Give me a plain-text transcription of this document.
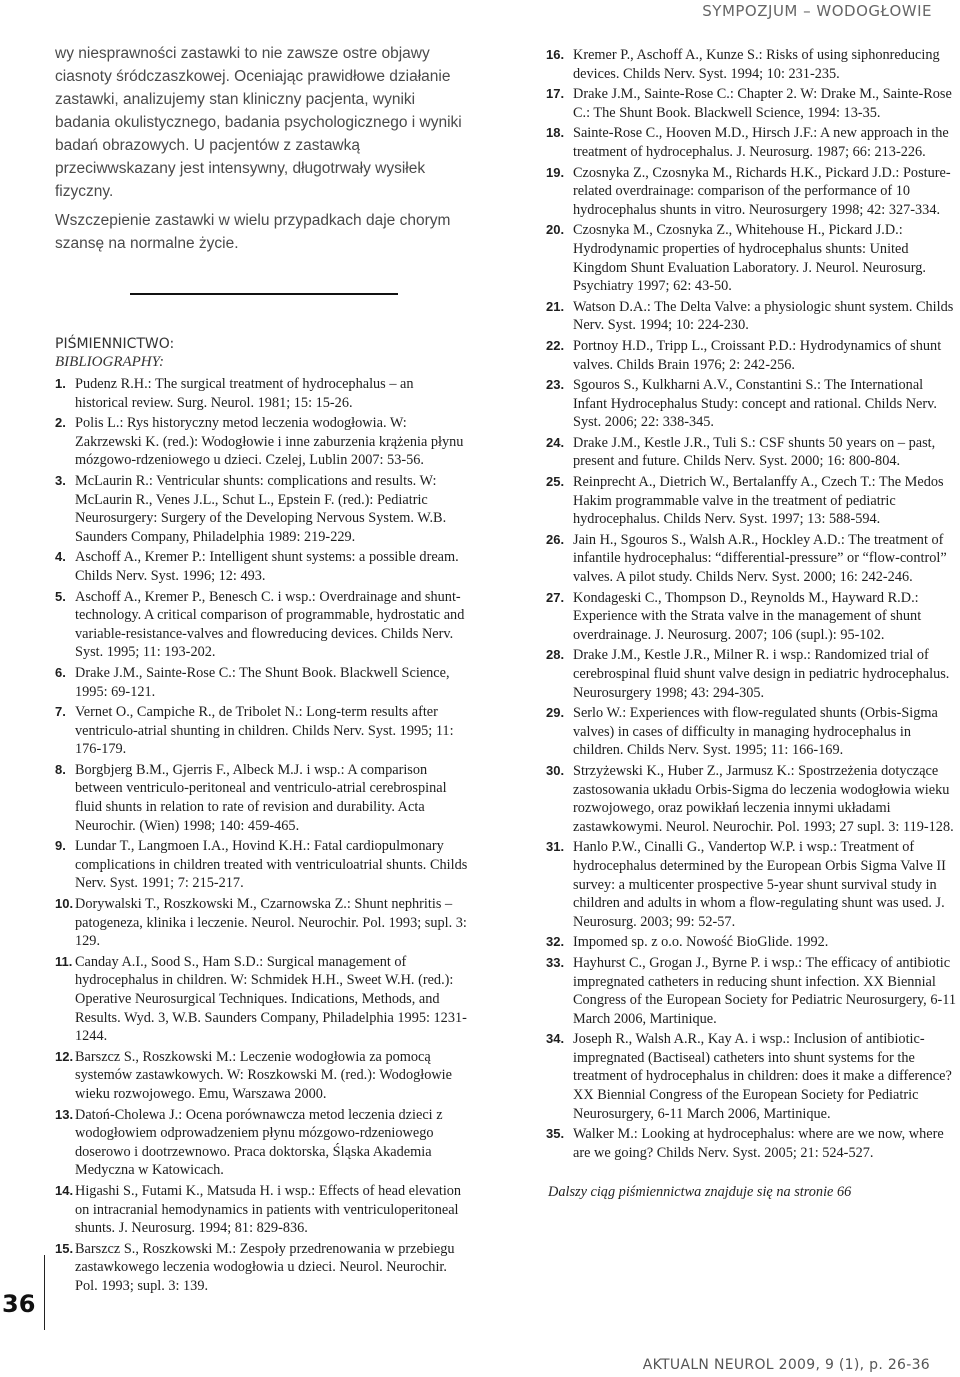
SYMPOZJUM – WODOGŁOWIE

wy niesprawności zastawki to nie zawsze ostre objawy ciasnoty śródczaszkowej. Oceniając prawidłowe działanie zastawki, analizujemy stan kliniczny pacjenta, wyniki badania okulistycznego, badania psychologicznego i wyniki badań obrazowych. U pacjentów z zastawką przeciwwskazany jest intensywny, długotrwały wysiłek fizyczny.

Wszczepienie zastawki w wielu przypadkach daje chorym szansę na normalne życie.

PIŚMIENNICTWO:
BIBLIOGRAPHY:
1. Pudenz R.H.: The surgical treatment of hydrocephalus – an historical review. Surg. Neurol. 1981; 15: 15-26.
2. Polis L.: Rys historyczny metod leczenia wodogłowia. W: Zakrzewski K. (red.): Wodogłowie i inne zaburzenia krążenia płynu mózgowo-rdzeniowego u dzieci. Czelej, Lublin 2007: 53-56.
3. McLaurin R.: Ventricular shunts: complications and results. W: McLaurin R., Venes J.L., Schut L., Epstein F. (red.): Pediatric Neurosurgery: Surgery of the Developing Nervous System. W.B. Saunders Company, Philadelphia 1989: 219-229.
4. Aschoff A., Kremer P.: Intelligent shunt systems: a possible dream. Childs Nerv. Syst. 1996; 12: 493.
5. Aschoff A., Kremer P., Benesch C. i wsp.: Overdrainage and shunt-technology. A critical comparison of programmable, hydrostatic and variable-resistance-valves and flowreducing devices. Childs Nerv. Syst. 1995; 11: 193-202.
6. Drake J.M., Sainte-Rose C.: The Shunt Book. Blackwell Science, 1995: 69-121.
7. Vernet O., Campiche R., de Tribolet N.: Long-term results after ventriculo-atrial shunting in children. Childs Nerv. Syst. 1995; 11: 176-179.
8. Borgbjerg B.M., Gjerris F., Albeck M.J. i wsp.: A comparison between ventriculo-peritoneal and ventriculo-atrial cerebrospinal fluid shunts in relation to rate of revision and durability. Acta Neurochir. (Wien) 1998; 140: 459-465.
9. Lundar T., Langmoen I.A., Hovind K.H.: Fatal cardiopulmonary complications in children treated with ventriculoatrial shunts. Childs Nerv. Syst. 1991; 7: 215-217.
10. Dorywalski T., Roszkowski M., Czarnowska Z.: Shunt nephritis – patogeneza, klinika i leczenie. Neurol. Neurochir. Pol. 1993; supl. 3: 129.
11. Canday A.I., Sood S., Ham S.D.: Surgical management of hydrocephalus in children. W: Schmidek H.H., Sweet W.H. (red.): Operative Neurosurgical Techniques. Indications, Methods, and Results. Wyd. 3, W.B. Saunders Company, Philadelphia 1995: 1231-1244.
12. Barszcz S., Roszkowski M.: Leczenie wodogłowia za pomocą systemów zastawkowych. W: Roszkowski M. (red.): Wodogłowie wieku rozwojowego. Emu, Warszawa 2000.
13. Datoń-Cholewa J.: Ocena porównawcza metod leczenia dzieci z wodogłowiem odprowadzeniem płynu mózgowo-rdzeniowego doserowo i dootrzewnowo. Praca doktorska, Śląska Akademia Medyczna w Katowicach.
14. Higashi S., Futami K., Matsuda H. i wsp.: Effects of head elevation on intracranial hemodynamics in patients with ventriculoperitoneal shunts. J. Neurosurg. 1994; 81: 829-836.
15. Barszcz S., Roszkowski M.: Zespoły przedrenowania w przebiegu zastawkowego leczenia wodogłowia u dzieci. Neurol. Neurochir. Pol. 1993; supl. 3: 139.
16. Kremer P., Aschoff A., Kunze S.: Risks of using siphonreducing devices. Childs Nerv. Syst. 1994; 10: 231-235.
17. Drake J.M., Sainte-Rose C.: Chapter 2. W: Drake M., Sainte-Rose C.: The Shunt Book. Blackwell Science, 1994: 13-35.
18. Sainte-Rose C., Hooven M.D., Hirsch J.F.: A new approach in the treatment of hydrocephalus. J. Neurosurg. 1987; 66: 213-226.
19. Czosnyka Z., Czosnyka M., Richards H.K., Pickard J.D.: Posture-related overdrainage: comparison of the performance of 10 hydrocephalus shunts in vitro. Neurosurgery 1998; 42: 327-334.
20. Czosnyka M., Czosnyka Z., Whitehouse H., Pickard J.D.: Hydrodynamic properties of hydrocephalus shunts: United Kingdom Shunt Evaluation Laboratory. J. Neurol. Neurosurg. Psychiatry 1997; 62: 43-50.
21. Watson D.A.: The Delta Valve: a physiologic shunt system. Childs Nerv. Syst. 1994; 10: 224-230.
22. Portnoy H.D., Tripp L., Croissant P.D.: Hydrodynamics of shunt valves. Childs Brain 1976; 2: 242-256.
23. Sgouros S., Kulkharni A.V., Constantini S.: The International Infant Hydrocephalus Study: concept and rational. Childs Nerv. Syst. 2006; 22: 338-345.
24. Drake J.M., Kestle J.R., Tuli S.: CSF shunts 50 years on – past, present and future. Childs Nerv. Syst. 2000; 16: 800-804.
25. Reinprecht A., Dietrich W., Bertalanffy A., Czech T.: The Medos Hakim programmable valve in the treatment of pediatric hydrocephalus. Childs Nerv. Syst. 1997; 13: 588-594.
26. Jain H., Sgouros S., Walsh A.R., Hockley A.D.: The treatment of infantile hydrocephalus: “differential-pressure” or “flow-control” valves. A pilot study. Childs Nerv. Syst. 2000; 16: 242-246.
27. Kondageski C., Thompson D., Reynolds M., Hayward R.D.: Experience with the Strata valve in the management of shunt overdrainage. J. Neurosurg. 2007; 106 (supl.): 95-102.
28. Drake J.M., Kestle J.R., Milner R. i wsp.: Randomized trial of cerebrospinal fluid shunt valve design in pediatric hydrocephalus. Neurosurgery 1998; 43: 294-305.
29. Serlo W.: Experiences with flow-regulated shunts (Orbis-Sigma valves) in cases of difficulty in managing hydrocephalus in children. Childs Nerv. Syst. 1995; 11: 166-169.
30. Strzyżewski K., Huber Z., Jarmusz K.: Spostrzeżenia dotyczące zastosowania układu Orbis-Sigma do leczenia wodogłowia wieku rozwojowego, oraz powikłań leczenia innymi układami zastawkowymi. Neurol. Neurochir. Pol. 1993; 27 supl. 3: 119-128.
31. Hanlo P.W., Cinalli G., Vandertop W.P. i wsp.: Treatment of hydrocephalus determined by the European Orbis Sigma Valve II survey: a multicenter prospective 5-year shunt survival study in children and adults in whom a flow-regulating shunt was used. J. Neurosurg. 2003; 99: 52-57.
32. Impomed sp. z o.o. Nowość BioGlide. 1992.
33. Hayhurst C., Grogan J., Byrne P. i wsp.: The efficacy of antibiotic impregnated catheters in reducing shunt infection. XX Biennial Congress of the European Society for Pediatric Neurosurgery, 6-11 March 2006, Martinique.
34. Joseph R., Walsh A.R., Kay A. i wsp.: Inclusion of antibiotic-impregnated (Bactiseal) catheters into shunt systems for the treatment of hydrocephalus in children: does it make a difference? XX Biennial Congress of the European Society for Pediatric Neurosurgery, 6-11 March 2006, Martinique.
35. Walker M.: Looking at hydrocephalus: where are we now, where are we going? Childs Nerv. Syst. 2005; 21: 524-527.
Dalszy ciąg piśmiennictwa znajduje się na stronie 66
36
AKTUALN NEUROL 2009, 9 (1), p. 26-36
